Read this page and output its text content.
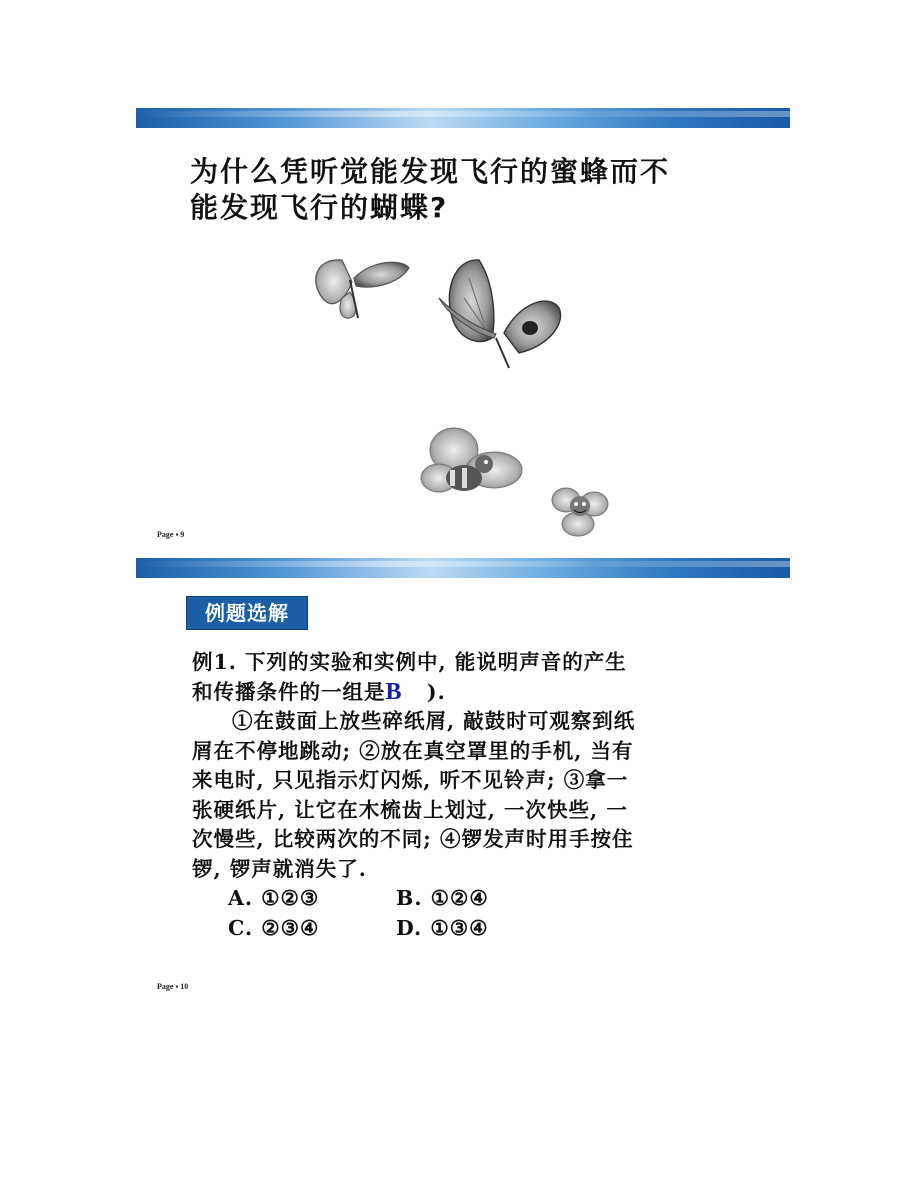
为什么凭听觉能发现飞行的蜜蜂而不
能发现飞行的蝴蝶?
Page ▪ 9
例题选解
例1. 下列的实验和实例中, 能说明声音的产生
和传播条件的一组是B   ).
①在鼓面上放些碎纸屑, 敲鼓时可观察到纸
屑在不停地跳动; ②放在真空罩里的手机, 当有
来电时, 只见指示灯闪烁, 听不见铃声; ③拿一
张硬纸片, 让它在木梳齿上划过, 一次快些, 一
次慢些, 比较两次的不同; ④锣发声时用手按住
锣, 锣声就消失了.
A. ①②③	B. ①②④
C. ②③④	D. ①③④
Page ▪ 10
